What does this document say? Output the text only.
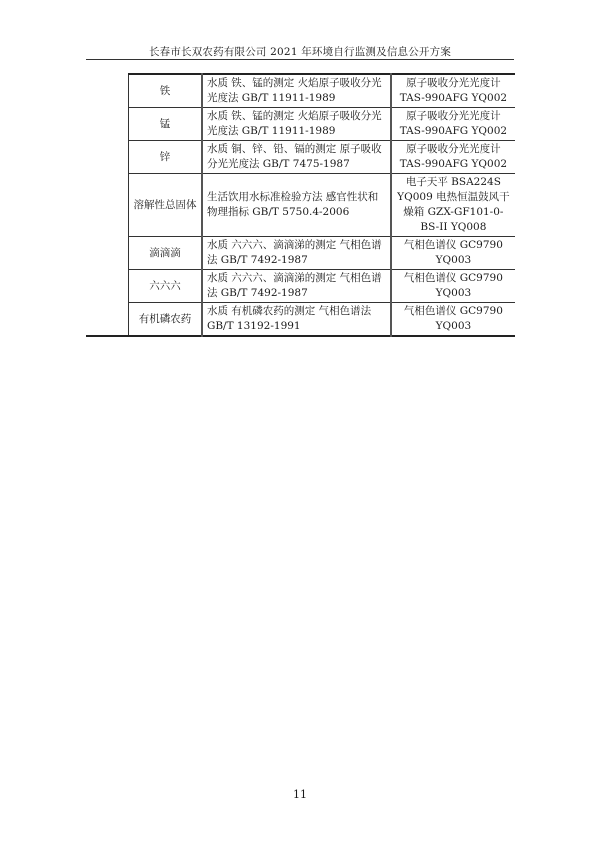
长春市长双农药有限公司 2021 年环境自行监测及信息公开方案
	铁	水质 铁、锰的测定 火焰原子吸收分光光度法 GB/T 11911-1989	原子吸收分光光度计 TAS-990AFG YQ002
	锰	水质 铁、锰的测定 火焰原子吸收分光光度法 GB/T 11911-1989	原子吸收分光光度计 TAS-990AFG YQ002
	锌	水质 铜、锌、铅、镉的测定 原子吸收分光光度法 GB/T 7475-1987	原子吸收分光光度计 TAS-990AFG YQ002
	溶解性总固体	生活饮用水标准检验方法 感官性状和物理指标 GB/T 5750.4-2006	电子天平 BSA224S YQ009 电热恒温鼓风干燥箱 GZX-GF101-0-BS-II YQ008
	滴滴滴	水质 六六六、滴滴涕的测定 气相色谱法 GB/T 7492-1987	气相色谱仪 GC9790 YQ003
	六六六	水质 六六六、滴滴涕的测定 气相色谱法 GB/T 7492-1987	气相色谱仪 GC9790 YQ003
	有机磷农药	水质 有机磷农药的测定 气相色谱法 GB/T 13192-1991	气相色谱仪 GC9790 YQ003
11
